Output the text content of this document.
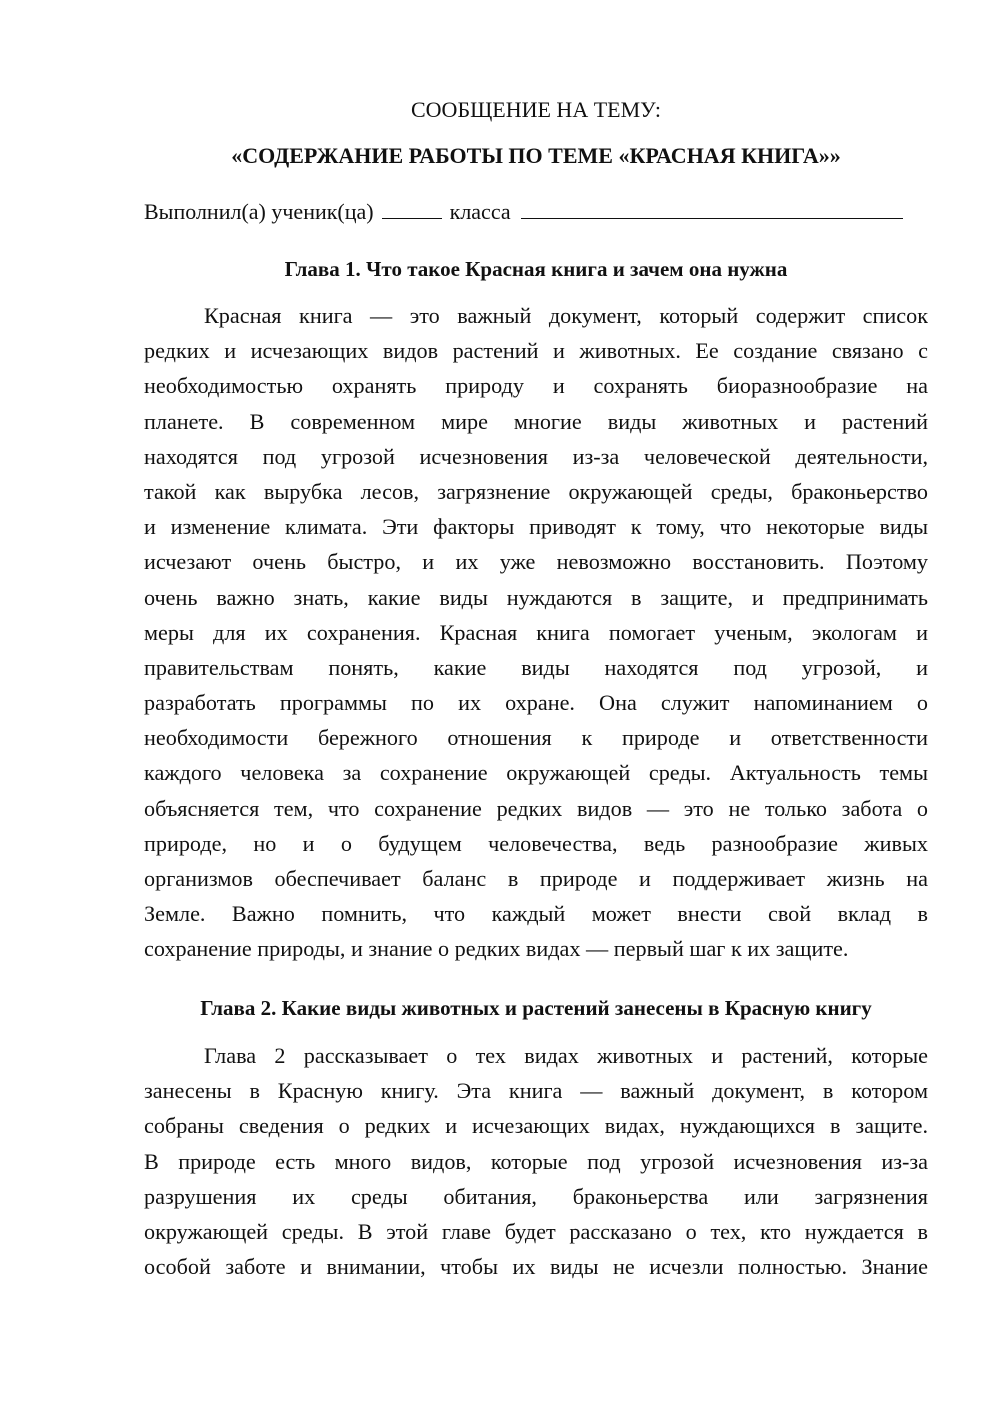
СООБЩЕНИЕ НА ТЕМУ:
«СОДЕРЖАНИЕ РАБОТЫ ПО ТЕМЕ «КРАСНАЯ КНИГА»»
Выполнил(а) ученик(ца)	класса
Глава 1. Что такое Красная книга и зачем она нужна
Красная книга — это важный документ, который содержит список
редких и исчезающих видов растений и животных. Ее создание связано с
необходимостью охранять природу и сохранять биоразнообразие на
планете. В современном мире многие виды животных и растений
находятся под угрозой исчезновения из-за человеческой деятельности,
такой как вырубка лесов, загрязнение окружающей среды, браконьерство
и изменение климата. Эти факторы приводят к тому, что некоторые виды
исчезают очень быстро, и их уже невозможно восстановить. Поэтому
очень важно знать, какие виды нуждаются в защите, и предпринимать
меры для их сохранения. Красная книга помогает ученым, экологам и
правительствам понять, какие виды находятся под угрозой, и
разработать программы по их охране. Она служит напоминанием о
необходимости бережного отношения к природе и ответственности
каждого человека за сохранение окружающей среды. Актуальность темы
объясняется тем, что сохранение редких видов — это не только забота о
природе, но и о будущем человечества, ведь разнообразие живых
организмов обеспечивает баланс в природе и поддерживает жизнь на
Земле. Важно помнить, что каждый может внести свой вклад в
сохранение природы, и знание о редких видах — первый шаг к их защите.
Глава 2. Какие виды животных и растений занесены в Красную книгу
Глава 2 рассказывает о тех видах животных и растений, которые
занесены в Красную книгу. Эта книга — важный документ, в котором
собраны сведения о редких и исчезающих видах, нуждающихся в защите.
В природе есть много видов, которые под угрозой исчезновения из-за
разрушения их среды обитания, браконьерства или загрязнения
окружающей среды. В этой главе будет рассказано о тех, кто нуждается в
особой заботе и внимании, чтобы их виды не исчезли полностью. Знание
